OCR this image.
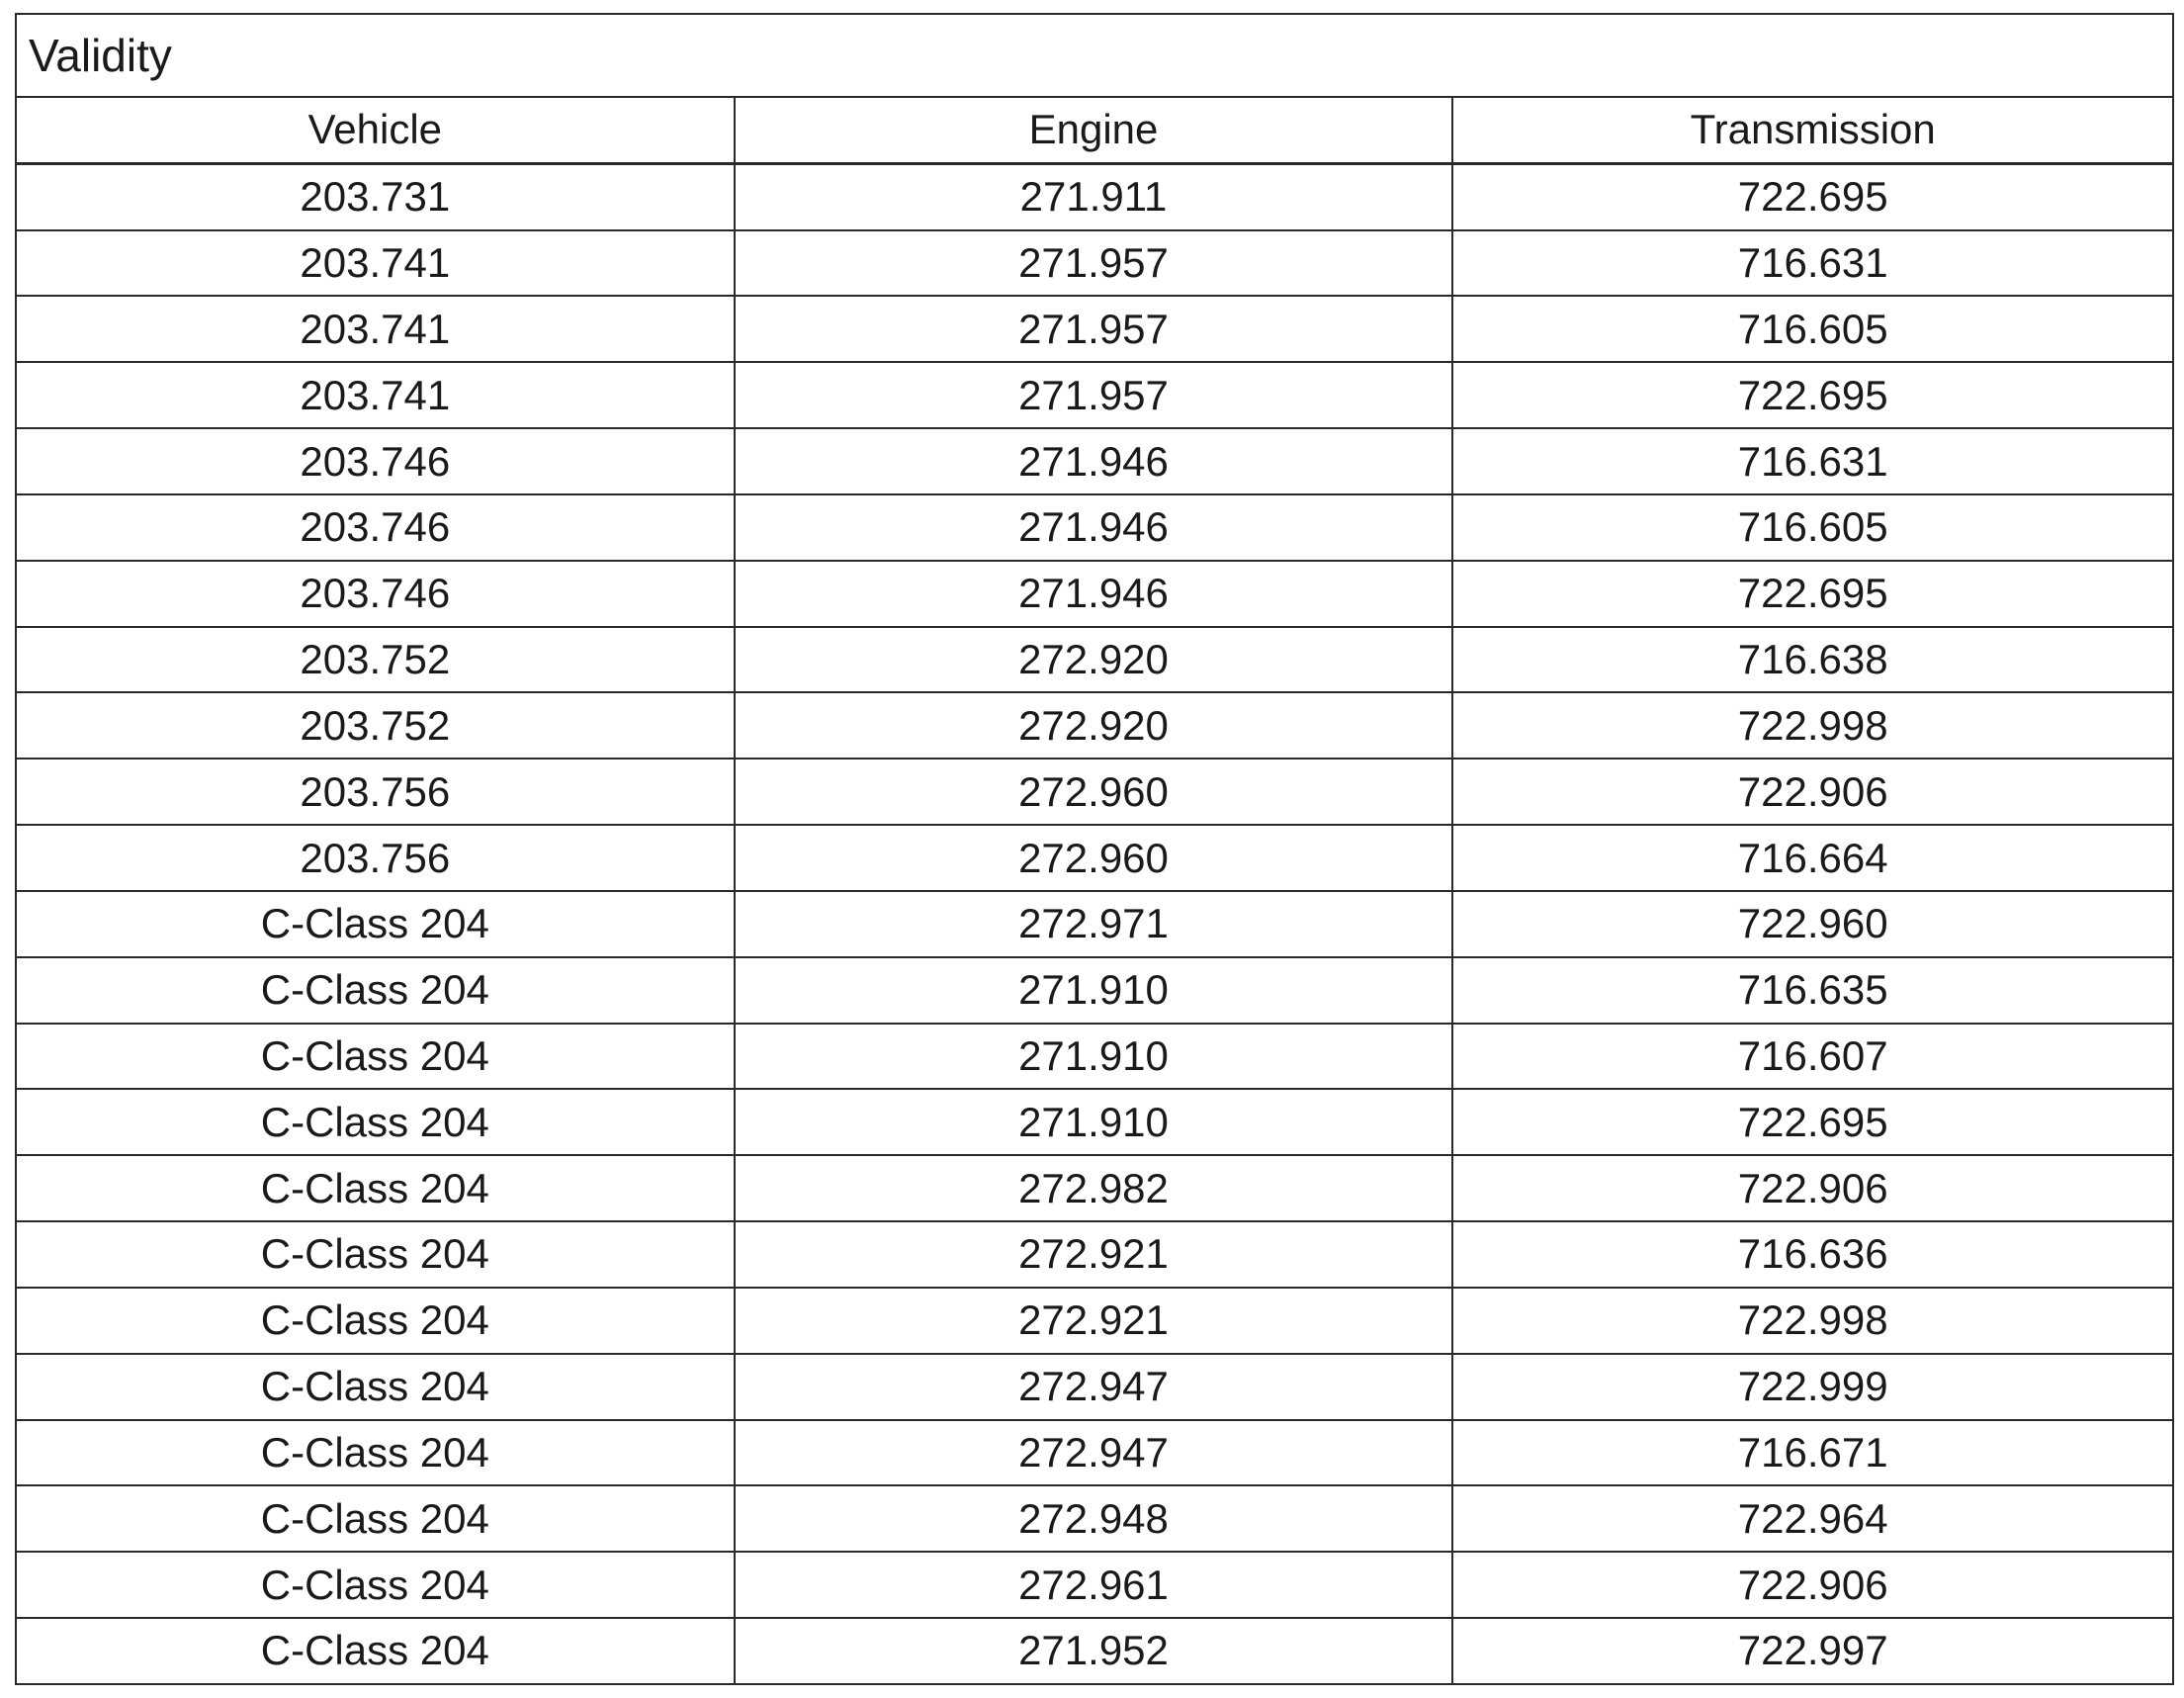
Validity
Vehicle	Engine	Transmission
203.731	271.911	722.695
203.741	271.957	716.631
203.741	271.957	716.605
203.741	271.957	722.695
203.746	271.946	716.631
203.746	271.946	716.605
203.746	271.946	722.695
203.752	272.920	716.638
203.752	272.920	722.998
203.756	272.960	722.906
203.756	272.960	716.664
C-Class 204	272.971	722.960
C-Class 204	271.910	716.635
C-Class 204	271.910	716.607
C-Class 204	271.910	722.695
C-Class 204	272.982	722.906
C-Class 204	272.921	716.636
C-Class 204	272.921	722.998
C-Class 204	272.947	722.999
C-Class 204	272.947	716.671
C-Class 204	272.948	722.964
C-Class 204	272.961	722.906
C-Class 204	271.952	722.997
